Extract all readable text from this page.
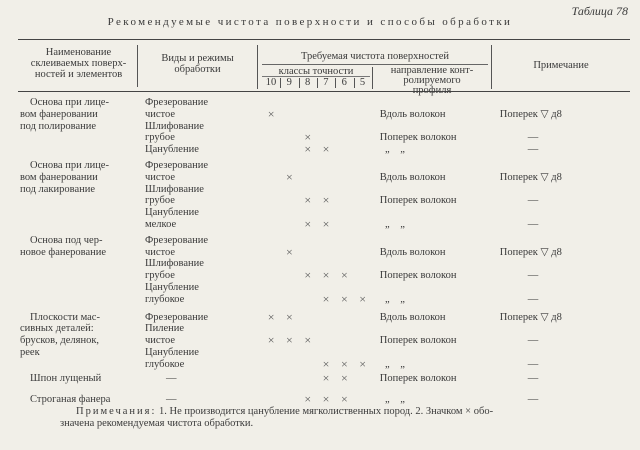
Таблица 78
Рекомендуемые чистота поверхности и способы обработки
Наименование
склеиваемых поверх-
ностей и элементов
Виды и режимы
обработки
Требуемая чистота поверхностей
классы точности	направление конт-
ролируемого
профиля
Примечание
10 9	8	7	6	5
Основа при лице-	Фрезерование
вом фанеровании	чистое	×	Вдоль волокон	Поперек ▽ д8
под полирование	Шлифование
грубое	×	Поперек волокон	—
Цанубление	× ×	„    „	—
Основа при лице-	Фрезерование
вом фанеровании	чистое	×	Вдоль волокон	Поперек ▽ д8
под лакирование	Шлифование
грубое	× ×	Поперек волокон	—
Цанубление
мелкое	× ×	„    „	—
Основа под чер-	Фрезерование
новое фанерование	чистое	×	Вдоль волокон	Поперек ▽ д8
Шлифование
грубое	× × ×	Поперек волокон	—
Цанубление
глубокое	× × ×	„    „	—
Плоскости мас-	Фрезерование	× ×	Вдоль волокон	Поперек ▽ д8
сивных деталей:	Пиление
брусков, делянок,	чистое	× × ×	Поперек волокон	—
реек	Цанубление
глубокое	× × ×	„    „	—
Шпон лущеный	—	× ×	Поперек волокон	—
Строганая фанера	—	× × ×	„    „	—
Примечания: 1. Не производится цанубление мягколиственных пород. 2. Значком × обо-
значена рекомендуемая чистота обработки.
